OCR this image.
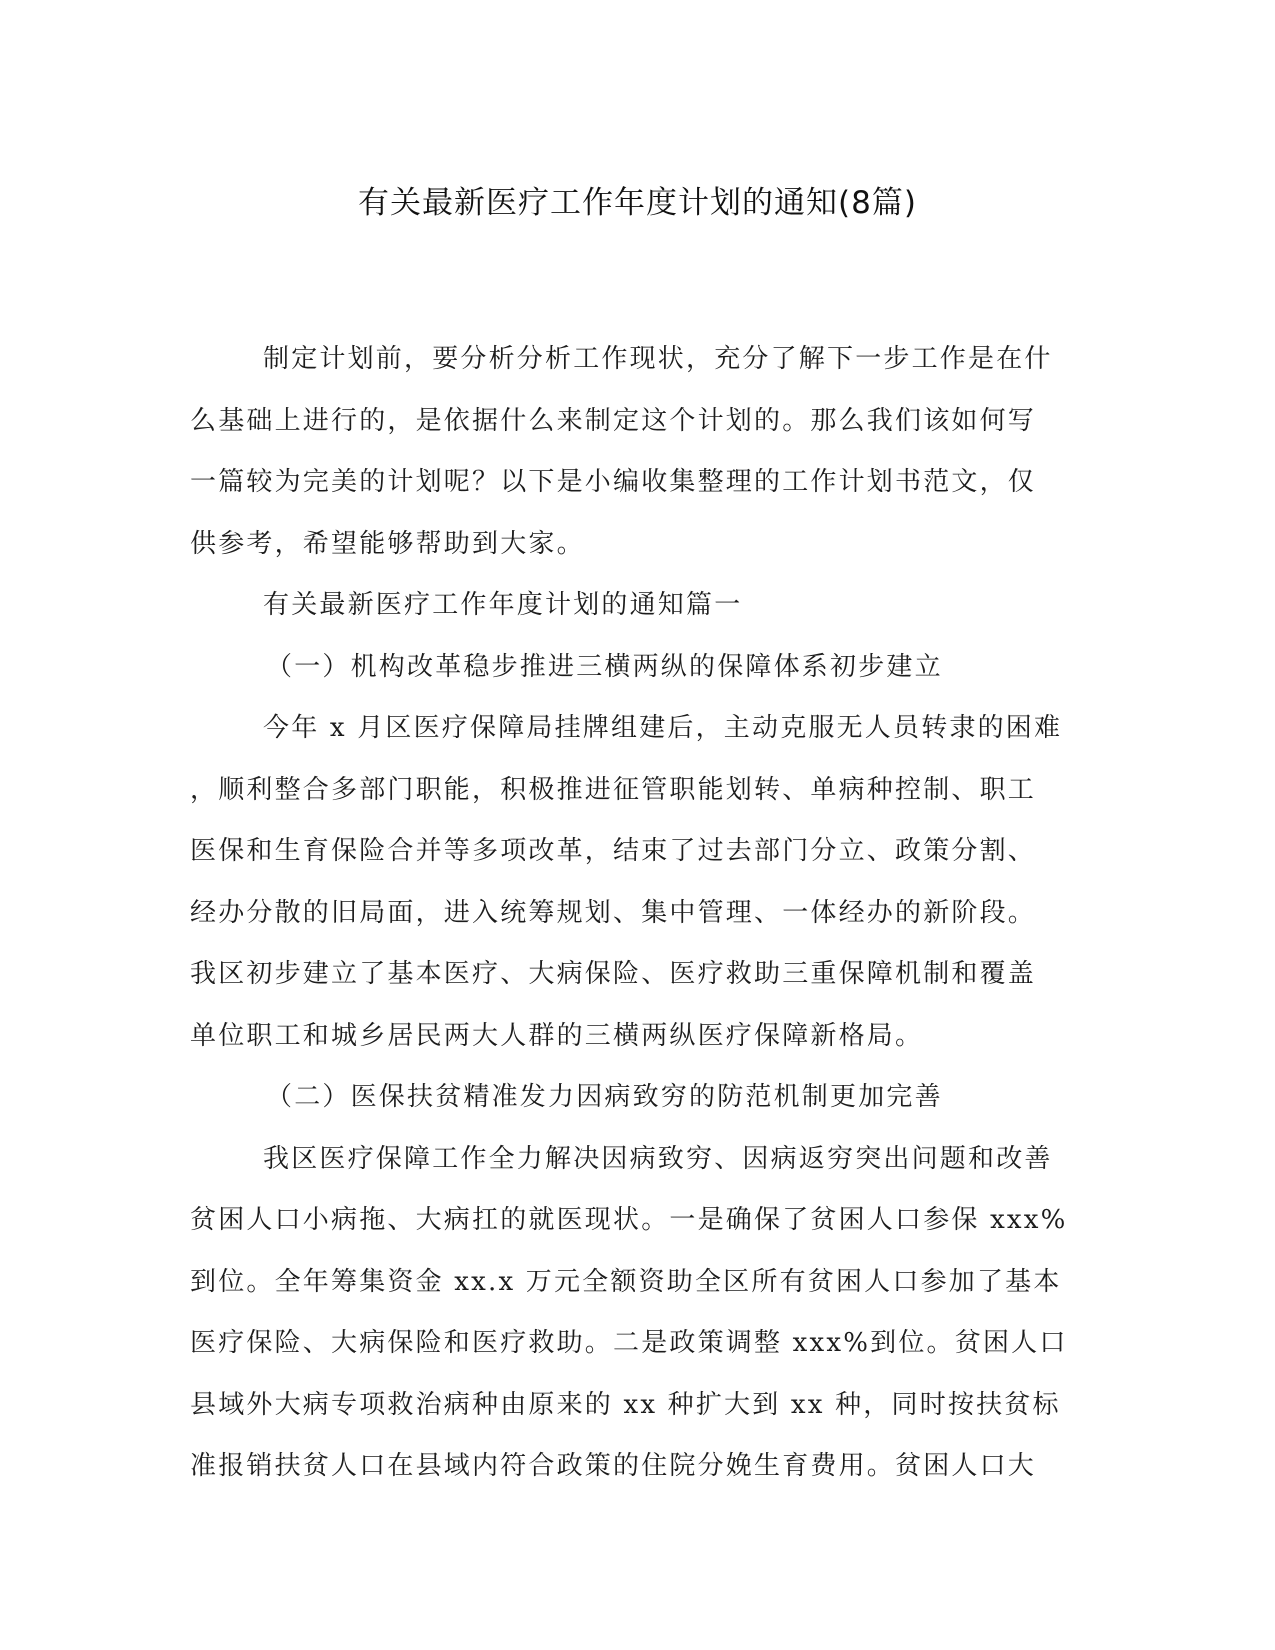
有关最新医疗工作年度计划的通知(8篇)
制定计划前，要分析分析工作现状，充分了解下一步工作是在什
么基础上进行的，是依据什么来制定这个计划的。那么我们该如何写
一篇较为完美的计划呢？以下是小编收集整理的工作计划书范文，仅
供参考，希望能够帮助到大家。
有关最新医疗工作年度计划的通知篇一
（一）机构改革稳步推进三横两纵的保障体系初步建立
今年 x 月区医疗保障局挂牌组建后，主动克服无人员转隶的困难
，顺利整合多部门职能，积极推进征管职能划转、单病种控制、职工
医保和生育保险合并等多项改革，结束了过去部门分立、政策分割、
经办分散的旧局面，进入统筹规划、集中管理、一体经办的新阶段。
我区初步建立了基本医疗、大病保险、医疗救助三重保障机制和覆盖
单位职工和城乡居民两大人群的三横两纵医疗保障新格局。
（二）医保扶贫精准发力因病致穷的防范机制更加完善
我区医疗保障工作全力解决因病致穷、因病返穷突出问题和改善
贫困人口小病拖、大病扛的就医现状。一是确保了贫困人口参保 xxx%
到位。全年筹集资金 xx.x 万元全额资助全区所有贫困人口参加了基本
医疗保险、大病保险和医疗救助。二是政策调整 xxx%到位。贫困人口
县域外大病专项救治病种由原来的 xx 种扩大到 xx 种，同时按扶贫标
准报销扶贫人口在县域内符合政策的住院分娩生育费用。贫困人口大
